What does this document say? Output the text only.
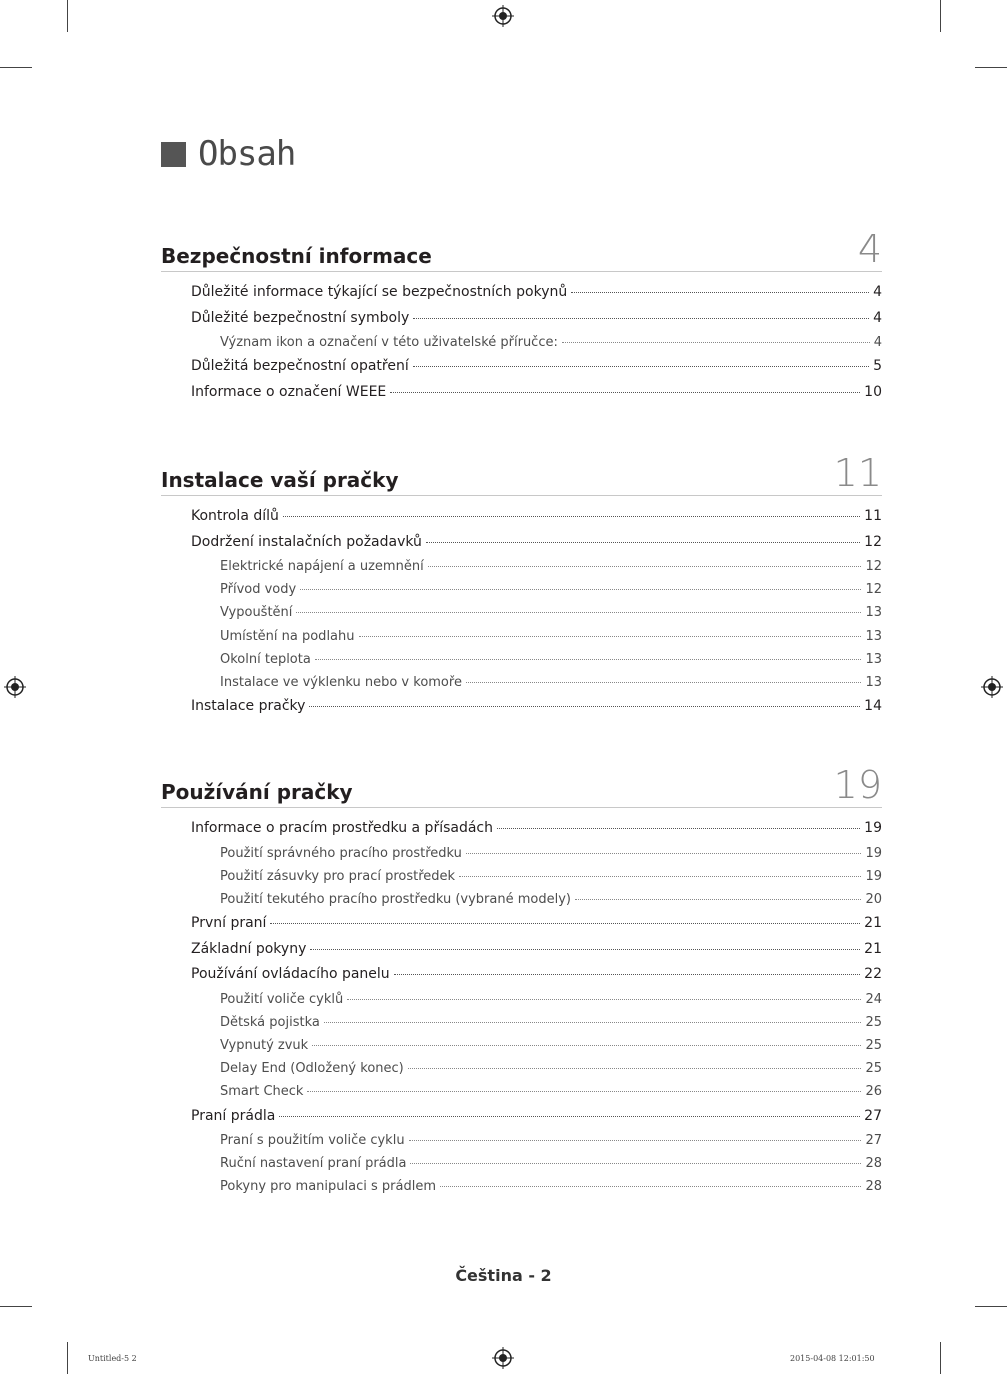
Obsah
Bezpečnostní informace	4
Důležité informace týkající se bezpečnostních pokynů	4
Důležité bezpečnostní symboly	4
Význam ikon a označení v této uživatelské příručce:	4
Důležitá bezpečnostní opatření	5
Informace o označení WEEE	10
Instalace vaší pračky	11
Kontrola dílů	11
Dodržení instalačních požadavků	12
Elektrické napájení a uzemnění	12
Přívod vody	12
Vypouštění	13
Umístění na podlahu	13
Okolní teplota	13
Instalace ve výklenku nebo v komoře	13
Instalace pračky	14
Používání pračky	19
Informace o pracím prostředku a přísadách	19
Použití správného pracího prostředku	19
Použití zásuvky pro prací prostředek	19
Použití tekutého pracího prostředku (vybrané modely)	20
První praní	21
Základní pokyny	21
Používání ovládacího panelu	22
Použití voliče cyklů	24
Dětská pojistka	25
Vypnutý zvuk	25
Delay End (Odložený konec)	25
Smart Check	26
Praní prádla	27
Praní s použitím voliče cyklu	27
Ruční nastavení praní prádla	28
Pokyny pro manipulaci s prádlem	28
Čeština - 2
Untitled-5 2	2015-04-08 12:01:50
